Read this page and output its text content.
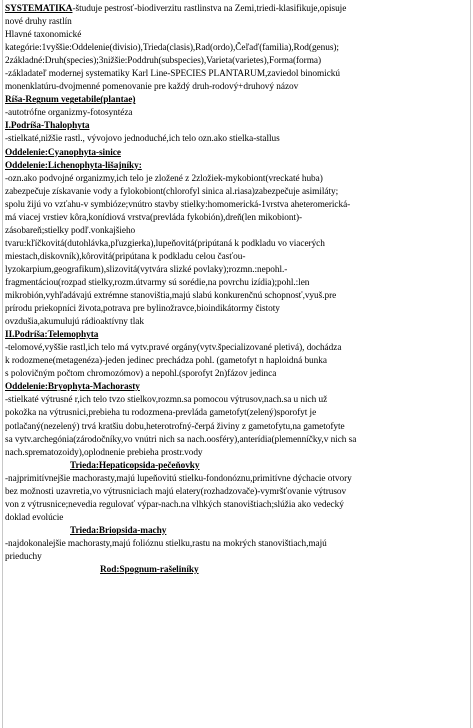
SYSTEMATIKA-študuje pestrosť-biodiverzitu rastlinstva na Zemi,triedi-klasifikuje,opisuje
nové druhy rastlín
Hlavné taxonomické
kategórie:1vyššie:Oddelenie(divisio),Trieda(clasis),Rad(ordo),Čeľaď(familia),Rod(genus);
2základné:Druh(species);3nižšie:Poddruh(subspecies),Varieta(varietes),Forma(forma)
-základateľ modernej systematiky Karl Line-SPECIES PLANTARUM,zaviedol binomickú
monenklatúru-dvojmenné pomenovanie pre každý druh-rodový+druhový názov
Ríša-Regnum vegetabile(plantae)
-autotrófne organizmy-fotosyntéza
I.Podríša-Thalophyta
-stielkaté,nižšie rastl., vývojovo jednoduché,ich telo ozn.ako stielka-stallus
Oddelenie:Cyanophyta-sinice
Oddelenie:Lichenophyta-lišajníky:
-ozn.ako podvojné organizmy,ich telo je zložené z 2zložiek-mykobiont(vreckaté huba)
zabezpečuje získavanie vody a fylokobiont(chlorofyl sinica al.riasa)zabezpečuje asimiláty;
spolu žijú vo vzťahu-v symbióze;vnútro stavby stielky:homomerická-1vrstva aheteromerická-
má viacej vrstiev kôra,konídiová vrstva(prevláda fykobión),dreň(len mikobiont)-
zásobareň;stielky podľ.vonkajšieho
tvaru:kľíčkovitá(dutohlávka,pľuzgierka),lupeňovitá(pripútaná k podkladu vo viacerých
miestach,diskovník),kôrovitá(pripútana k podkladu celou časťou-
lyzokarpium,geografikum),slizovitá(vytvára slizké povlaky);rozmn.:nepohl.-
fragmentáciou(rozpad stielky,rozm.útvarmy sú sorédie,na povrchu izídia);pohl.:len
mikrobión,vyhľadávajú extrémne stanovištia,majú slabú konkurenčnú schopnosť,vyuš.pre
prírodu priekopníci života,potrava pre bylinožravce,bioindikátormy čistoty
ovzdušia,akumulujú rádioaktívny tlak
II.Podríša:Telemophyta
-telomové,vyššie rastl,ich telo má vytv.pravé orgány(vytv.špecializované pletivá), dochádza
k rodozmene(metagenéza)-jeden jedinec prechádza pohl. (gametofyt n haploidná bunka
s polovičným počtom chromozómov) a nepohl.(sporofyt 2n)fázov jedinca
Oddelenie:Bryophyta-Machorasty
-stielkaté výtrusné r,ich telo tvzo stielkov,rozmn.sa pomocou výtrusov,nach.sa u nich už
pokožka na výtrusnici,prebieha tu rodozmena-prevláda gametofyt(zelený)sporofyt je
potlačaný(nezelený) trvá kratšiu dobu,heterotrofný-čerpá živiny z gametofytu,na gametofyte
sa vytv.archegónia(zárodočníky,vo vnútri nich sa nach.oosféry),anterídia(plemenníčky,v nich sa
nach.sprematozoidy),oplodnenie prebieha prostr.vody
Trieda:Hepaticopsida-pečeňovky
-najprimitívnejšie machorasty,majú lupeňovitú stielku-fondonóznu,primitívne dýchacie otvory
bez možnosti uzavretia,vo výtrusniciach majú elatery(rozhadzovače)-vymršťovanie výtrusov
von z výtrusnice;nevedia regulovať výpar-nach.na vlhkých stanovištiach;slúžia ako vedecký
doklad evolúcie
Trieda:Briopsida-machy
-najdokonalejšie machorasty,majú folióznu stielku,rastu na mokrých stanovištiach,majú
prieduchy
Rod:Spognum-rašeliníky
